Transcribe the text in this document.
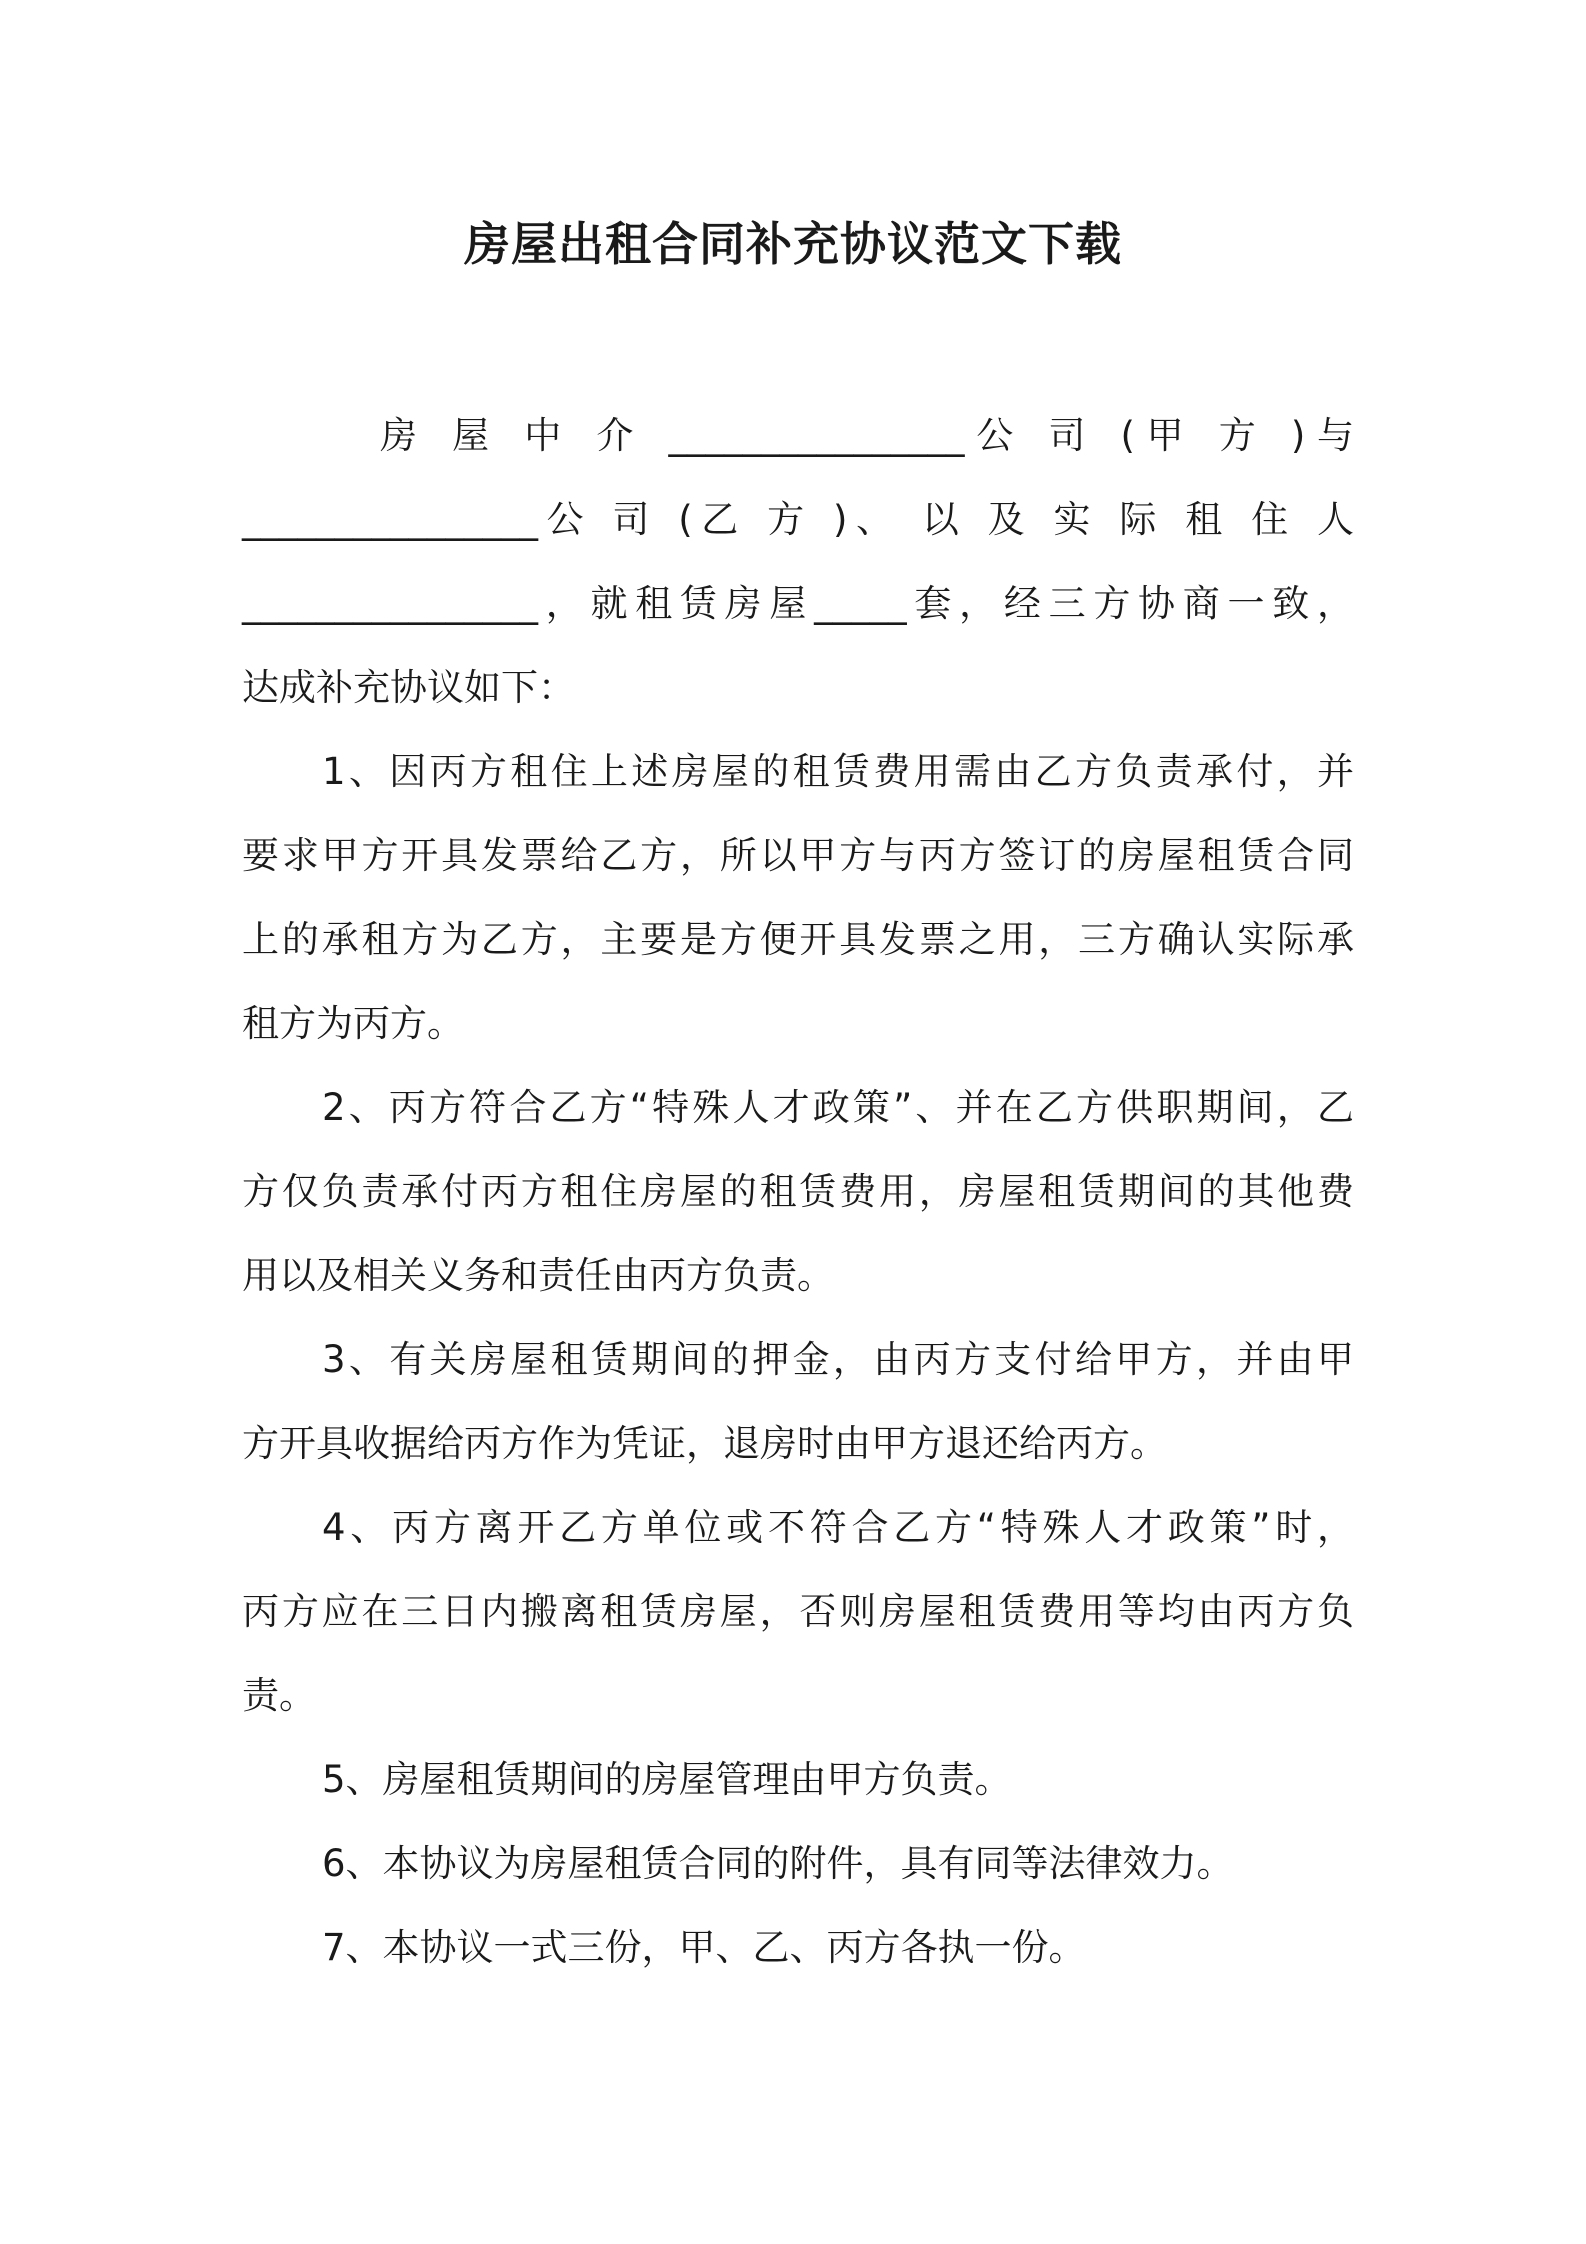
房屋出租合同补充协议范文下载
房 屋 中 介 ________________公 司 (甲 方 )与
________________公 司 (乙 方 )、 以 及 实 际 租 住 人
________________，就租赁房屋_____套，经三方协商一致，
达成补充协议如下：
1、因丙方租住上述房屋的租赁费用需由乙方负责承付，并
要求甲方开具发票给乙方，所以甲方与丙方签订的房屋租赁合同
上的承租方为乙方，主要是方便开具发票之用，三方确认实际承
租方为丙方。
2、丙方符合乙方“特殊人才政策”、并在乙方供职期间，乙
方仅负责承付丙方租住房屋的租赁费用，房屋租赁期间的其他费
用以及相关义务和责任由丙方负责。
3、有关房屋租赁期间的押金，由丙方支付给甲方，并由甲
方开具收据给丙方作为凭证，退房时由甲方退还给丙方。
4、丙方离开乙方单位或不符合乙方“特殊人才政策”时，
丙方应在三日内搬离租赁房屋，否则房屋租赁费用等均由丙方负
责。
5、房屋租赁期间的房屋管理由甲方负责。
6、本协议为房屋租赁合同的附件，具有同等法律效力。
7、本协议一式三份，甲、乙、丙方各执一份。
